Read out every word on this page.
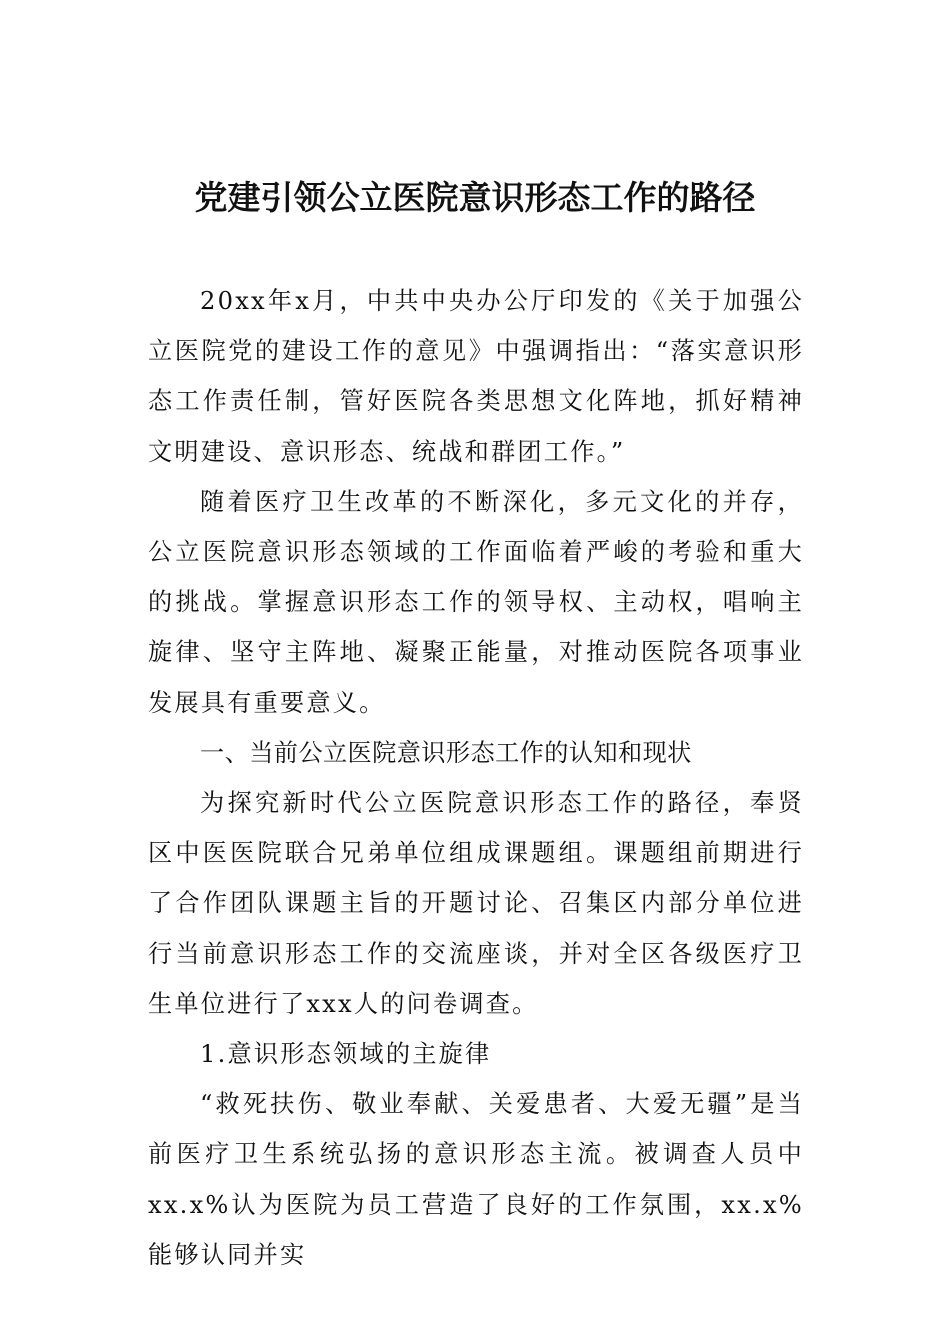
党建引领公立医院意识形态工作的路径

20xx年x月，中共中央办公厅印发的《关于加强公立医院党的建设工作的意见》中强调指出：“落实意识形态工作责任制，管好医院各类思想文化阵地，抓好精神文明建设、意识形态、统战和群团工作。”

随着医疗卫生改革的不断深化，多元文化的并存，公立医院意识形态领域的工作面临着严峻的考验和重大的挑战。掌握意识形态工作的领导权、主动权，唱响主旋律、坚守主阵地、凝聚正能量，对推动医院各项事业发展具有重要意义。

一、当前公立医院意识形态工作的认知和现状

为探究新时代公立医院意识形态工作的路径，奉贤区中医医院联合兄弟单位组成课题组。课题组前期进行了合作团队课题主旨的开题讨论、召集区内部分单位进行当前意识形态工作的交流座谈，并对全区各级医疗卫生单位进行了xxx人的问卷调查。

1.意识形态领域的主旋律

“救死扶伤、敬业奉献、关爱患者、大爱无疆”是当前医疗卫生系统弘扬的意识形态主流。被调查人员中xx.x%认为医院为员工营造了良好的工作氛围，xx.x%能够认同并实
